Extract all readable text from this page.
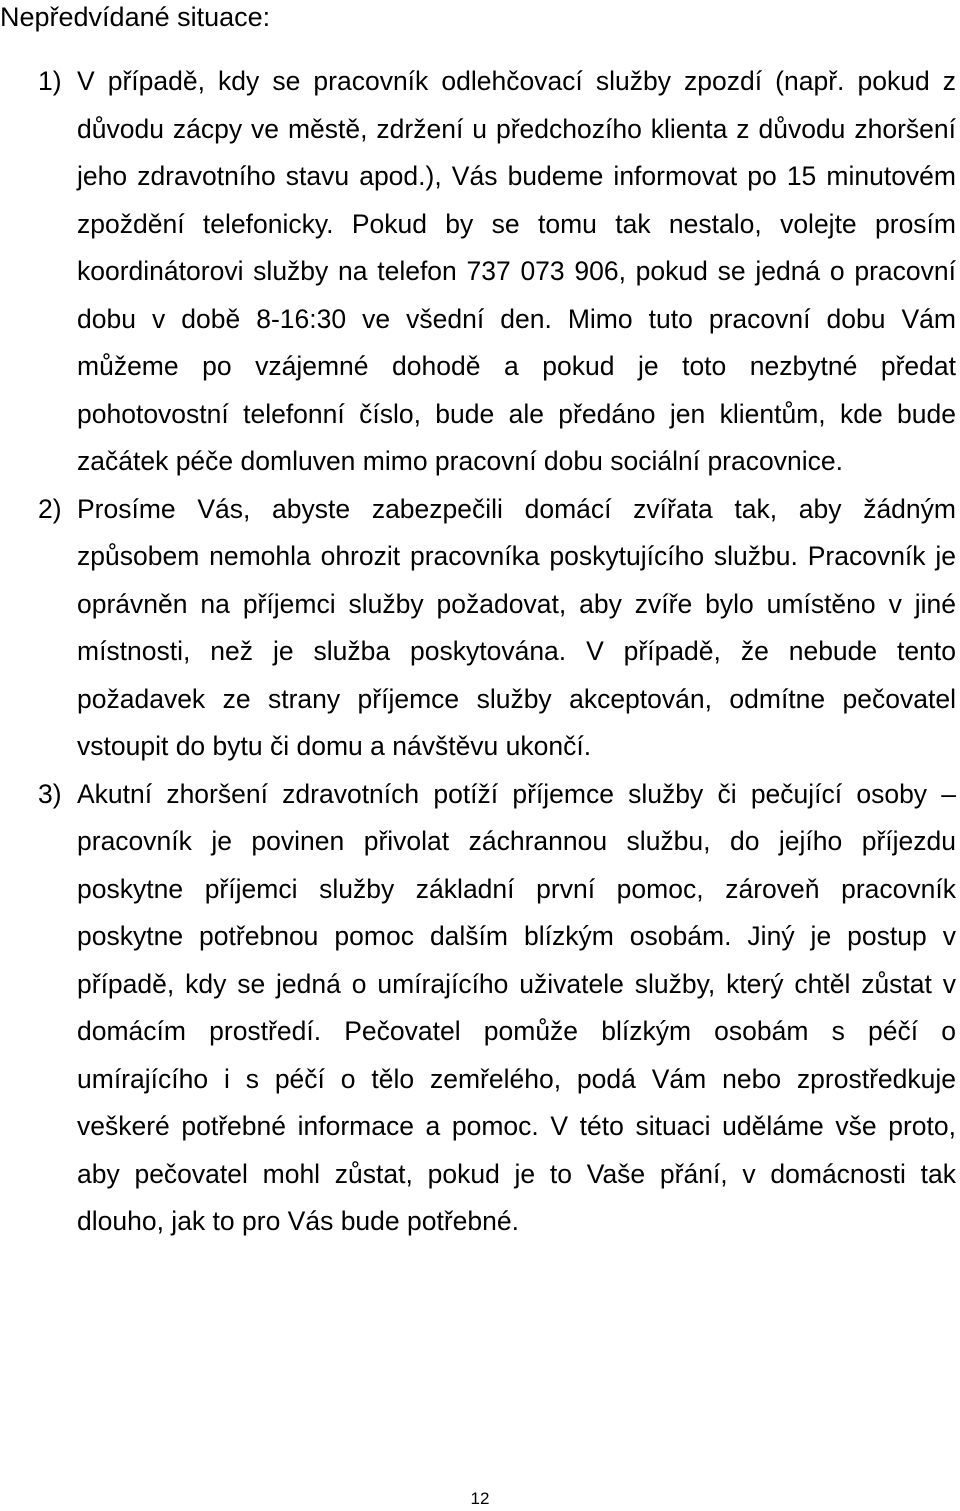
Nepředvídané situace:
1) V případě, kdy se pracovník odlehčovací služby zpozdí (např. pokud z důvodu zácpy ve městě, zdržení u předchozího klienta z důvodu zhoršení jeho zdravotního stavu apod.), Vás budeme informovat po 15 minutovém zpoždění telefonicky. Pokud by se tomu tak nestalo, volejte prosím koordinátorovi služby na telefon 737 073 906, pokud se jedná o pracovní dobu v době 8-16:30 ve všední den. Mimo tuto pracovní dobu Vám můžeme po vzájemné dohodě a pokud je toto nezbytné předat pohotovostní telefonní číslo, bude ale předáno jen klientům, kde bude začátek péče domluven mimo pracovní dobu sociální pracovnice.
2) Prosíme Vás, abyste zabezpečili domácí zvířata tak, aby žádným způsobem nemohla ohrozit pracovníka poskytujícího službu. Pracovník je oprávněn na příjemci služby požadovat, aby zvíře bylo umístěno v jiné místnosti, než je služba poskytována. V případě, že nebude tento požadavek ze strany příjemce služby akceptován, odmítne pečovatel vstoupit do bytu či domu a návštěvu ukončí.
3) Akutní zhoršení zdravotních potíží příjemce služby či pečující osoby – pracovník je povinen přivolat záchrannou službu, do jejího příjezdu poskytne příjemci služby základní první pomoc, zároveň pracovník poskytne potřebnou pomoc dalším blízkým osobám. Jiný je postup v případě, kdy se jedná o umírajícího uživatele služby, který chtěl zůstat v domácím prostředí. Pečovatel pomůže blízkým osobám s péčí o umírajícího i s péčí o tělo zemřelého, podá Vám nebo zprostředkuje veškeré potřebné informace a pomoc. V této situaci uděláme vše proto, aby pečovatel mohl zůstat, pokud je to Vaše přání, v domácnosti tak dlouho, jak to pro Vás bude potřebné.
12
